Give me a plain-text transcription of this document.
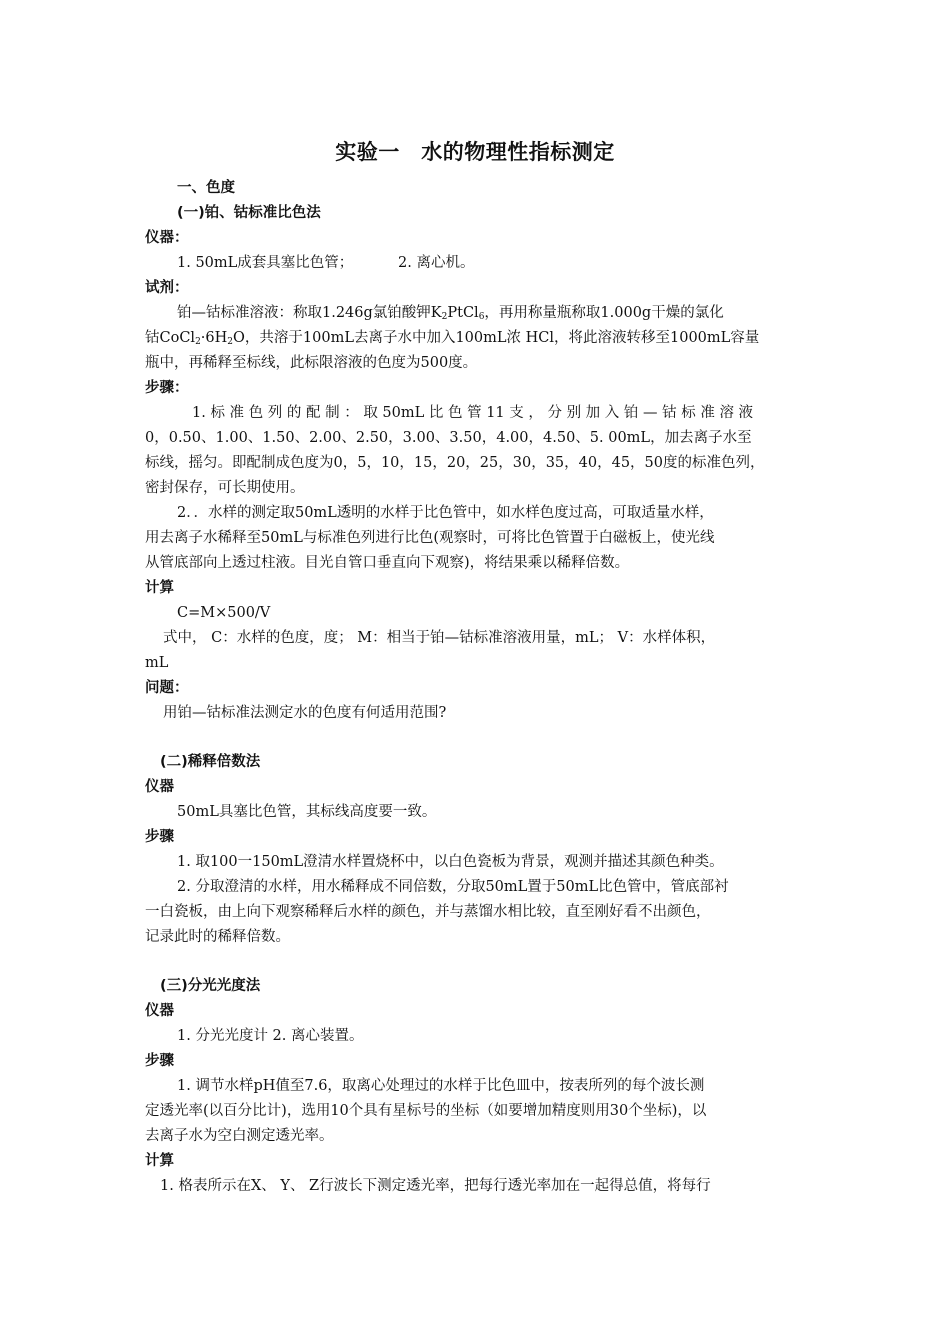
实验一　水的物理性指标测定
一、色度
(一)铂、钴标准比色法
仪器：
1. 50mL成套具塞比色管；	2. 离心机。
试剂：
铂—钴标准溶液：称取1.246g氯铂酸钾$K_2PtCl_6$，再用称量瓶称取1.000g干燥的氯化
钴$CoCl_2\cdot 6H_2O$，共溶于100mL去离子水中加入100mL浓 HCl，将此溶液转移至1000mL容量
瓶中，再稀释至标线，此标限溶液的色度为500度。
步骤：
1. 标 准 色 列 的 配 制 ： 取 50mL 比 色 管 11 支 ， 分 别 加 入 铂 — 钴 标 准 溶 液
0，0.50、1.00、1.50、2.00、2.50，3.00、3.50，4.00，4.50、5. 00mL，加去离子水至
标线，摇匀。即配制成色度为0，5，10，15，20，25，30，35，40，45，50度的标准色列，
密封保存，可长期使用。
2．．水样的测定取50mL透明的水样于比色管中，如水样色度过高，可取适量水样，
用去离子水稀释至50mL与标准色列进行比色(观察时，可将比色管置于白磁板上，使光线
从管底部向上透过柱液。目光自管口垂直向下观察)，将结果乘以稀释倍数。
计算
C=M×500/V
式中， C：水样的色度，度； M：相当于铂—钴标准溶液用量，mL； V：水样体积，
mL
问题：
用铂—钴标准法测定水的色度有何适用范围?
(二)稀释倍数法
仪器
50mL具塞比色管，其标线高度要一致。
步骤
1. 取100一150mL澄清水样置烧杯中，以白色瓷板为背景，观测并描述其颜色种类。
2. 分取澄清的水样，用水稀释成不同倍数，分取50mL置于50mL比色管中，管底部衬
一白瓷板，由上向下观察稀释后水样的颜色，并与蒸馏水相比较，直至刚好看不出颜色，
记录此时的稀释倍数。
(三)分光光度法
仪器
1. 分光光度计 2. 离心装置。
步骤
1. 调节水样pH值至7.6，取离心处理过的水样于比色皿中，按表所列的每个波长测
定透光率(以百分比计)，选用10个具有星标号的坐标（如要增加精度则用30个坐标)，以
去离子水为空白测定透光率。
计算
1. 格表所示在X、 Y、 Z行波长下测定透光率，把每行透光率加在一起得总值，将每行
